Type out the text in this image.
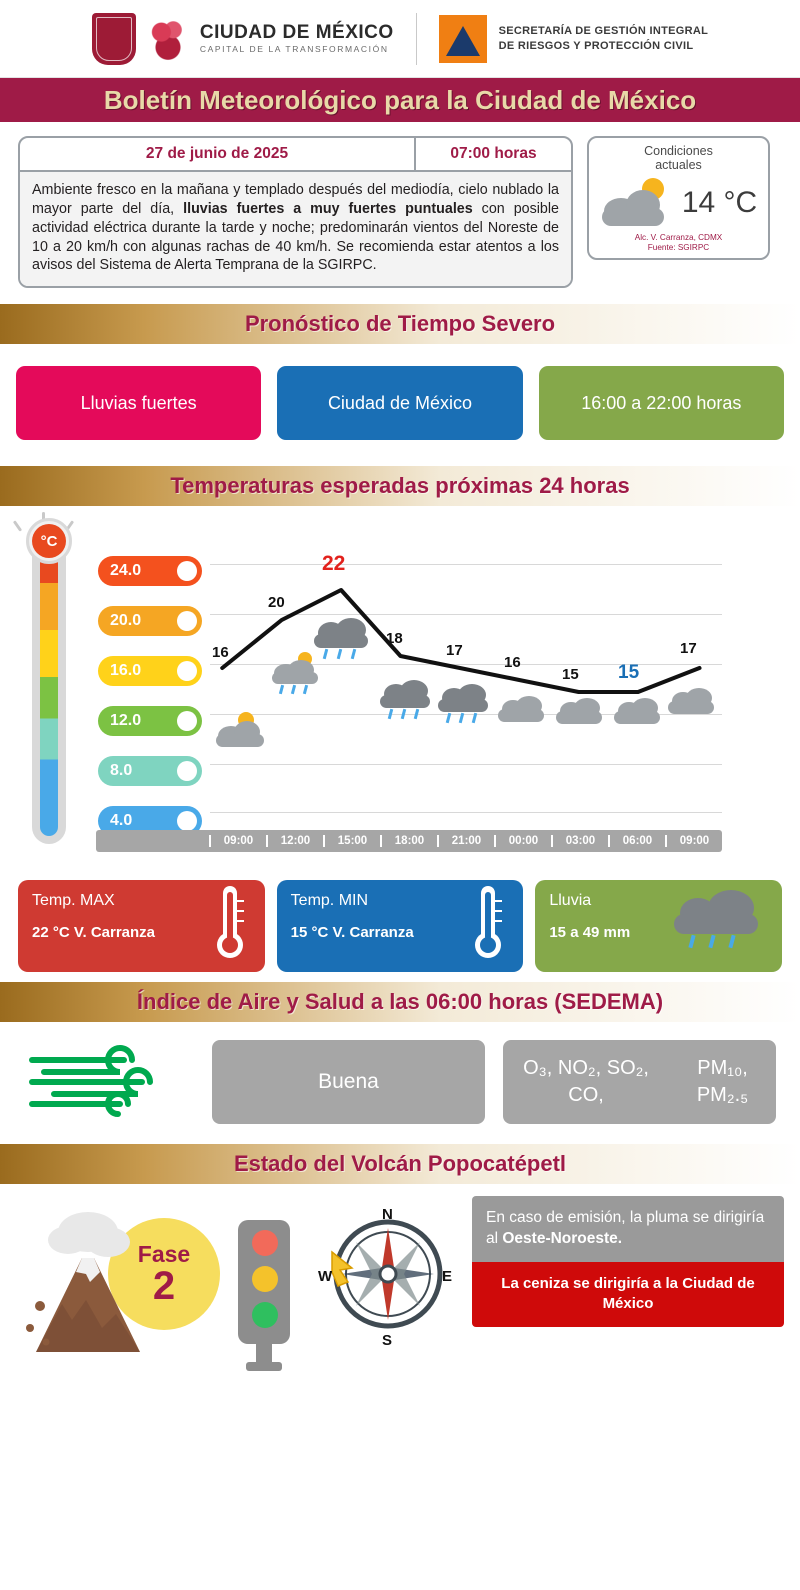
CIUDAD DE MÉXICO
CAPITAL DE LA TRANSFORMACIÓN
SECRETARÍA DE GESTIÓN INTEGRAL
DE RIESGOS Y PROTECCIÓN CIVIL
Boletín Meteorológico para la Ciudad de México
27 de junio de 2025	07:00 horas
Ambiente fresco en la mañana y templado después del mediodía, cielo nublado la mayor parte del día, lluvias fuertes a muy fuertes puntuales con posible actividad eléctrica durante la tarde y noche; predominarán vientos del Noreste de 10 a 20 km/h con algunas rachas de 40 km/h. Se recomienda estar atentos a los avisos del Sistema de Alerta Temprana de la SGIRPC.
Condiciones
actuales
14 °C
Alc. V. Carranza, CDMX
Fuente: SGIRPC
Pronóstico de Tiempo Severo
Lluvias fuertes	Ciudad de México	16:00 a 22:00 horas
Temperaturas esperadas próximas 24 horas
°C
24.0
20.0
16.0
12.0
8.0
4.0
16
20
22
18
17
16
15 15
17
09:00	12:00	15:00	18:00	21:00	00:00	03:00	06:00	09:00
Temp. MAX
22 °C V. Carranza
Temp. MIN
15 °C V. Carranza
Lluvia
15 a 49 mm
Índice de Aire y Salud a las 06:00 horas (SEDEMA)
Buena
O₃, NO₂, SO₂, CO,
PM₁₀, PM₂.₅
Estado del Volcán Popocatépetl
Fase
2
N
S
E
W
En caso de emisión, la pluma se dirigiría al Oeste-Noroeste.
La ceniza se dirigiría a la Ciudad de México
